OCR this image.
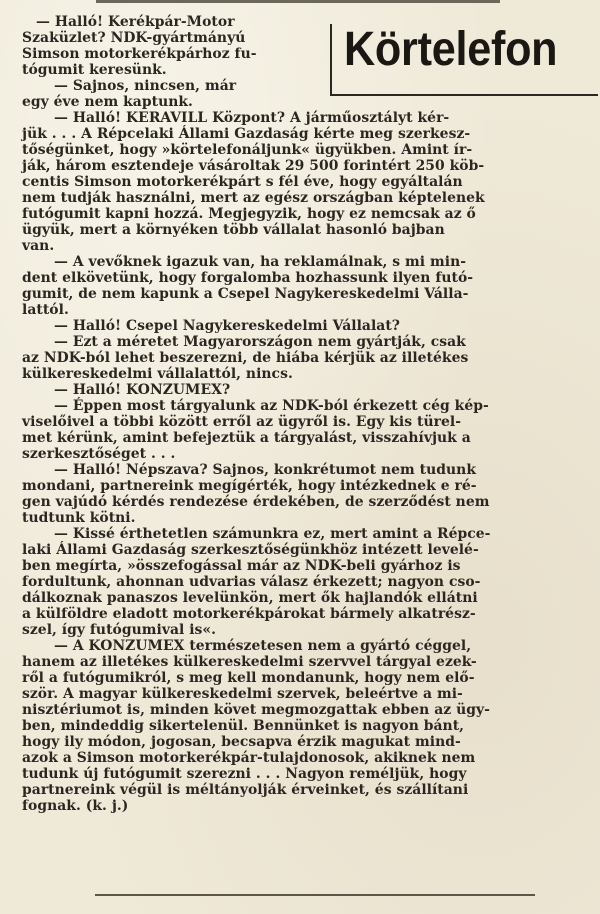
Körtelefon
— Halló! Kerékpár-Motor
Szaküzlet? NDK-gyártmányú
Simson motorkerékpárhoz fu-
tógumit keresünk.
— Sajnos, nincsen, már
egy éve nem kaptunk.
— Halló! KERAVILL Központ? A járműosztályt kér-
jük . . . A Répcelaki Állami Gazdaság kérte meg szerkesz-
tőségünket, hogy »körtelefonáljunk« ügyükben. Amint ír-
ják, három esztendeje vásároltak 29 500 forintért 250 köb-
centis Simson motorkerékpárt s fél éve, hogy egyáltalán
nem tudják használni, mert az egész országban képtelenek
futógumit kapni hozzá. Megjegyzik, hogy ez nemcsak az ő
ügyük, mert a környéken több vállalat hasonló bajban
van.
— A vevőknek igazuk van, ha reklamálnak, s mi min-
dent elkövetünk, hogy forgalomba hozhassunk ilyen futó-
gumit, de nem kapunk a Csepel Nagykereskedelmi Válla-
lattól.
— Halló! Csepel Nagykereskedelmi Vállalat?
— Ezt a méretet Magyarországon nem gyártják, csak
az NDK-ból lehet beszerezni, de hiába kérjük az illetékes
külkereskedelmi vállalattól, nincs.
— Halló! KONZUMEX?
— Éppen most tárgyalunk az NDK-ból érkezett cég kép-
viselőivel a többi között erről az ügyről is. Egy kis türel-
met kérünk, amint befejeztük a tárgyalást, visszahívjuk a
szerkesztőséget . . .
— Halló! Népszava? Sajnos, konkrétumot nem tudunk
mondani, partnereink megígérték, hogy intézkednek e ré-
gen vajúdó kérdés rendezése érdekében, de szerződést nem
tudtunk kötni.
— Kissé érthetetlen számunkra ez, mert amint a Répce-
laki Állami Gazdaság szerkesztőségünkhöz intézett levelé-
ben megírta, »összefogással már az NDK-beli gyárhoz is
fordultunk, ahonnan udvarias válasz érkezett; nagyon cso-
dálkoznak panaszos levelünkön, mert ők hajlandók ellátni
a külföldre eladott motorkerékpárokat bármely alkatrész-
szel, így futógumival is«.
— A KONZUMEX természetesen nem a gyártó céggel,
hanem az illetékes külkereskedelmi szervvel tárgyal ezek-
ről a futógumikról, s meg kell mondanunk, hogy nem elő-
ször. A magyar külkereskedelmi szervek, beleértve a mi-
nisztériumot is, minden követ megmozgattak ebben az ügy-
ben, mindeddig sikertelenül. Bennünket is nagyon bánt,
hogy ily módon, jogosan, becsapva érzik magukat mind-
azok a Simson motorkerékpár-tulajdonosok, akiknek nem
tudunk új futógumit szerezni . . . Nagyon reméljük, hogy
partnereink végül is méltányolják érveinket, és szállítani
fognak. (k. j.)
